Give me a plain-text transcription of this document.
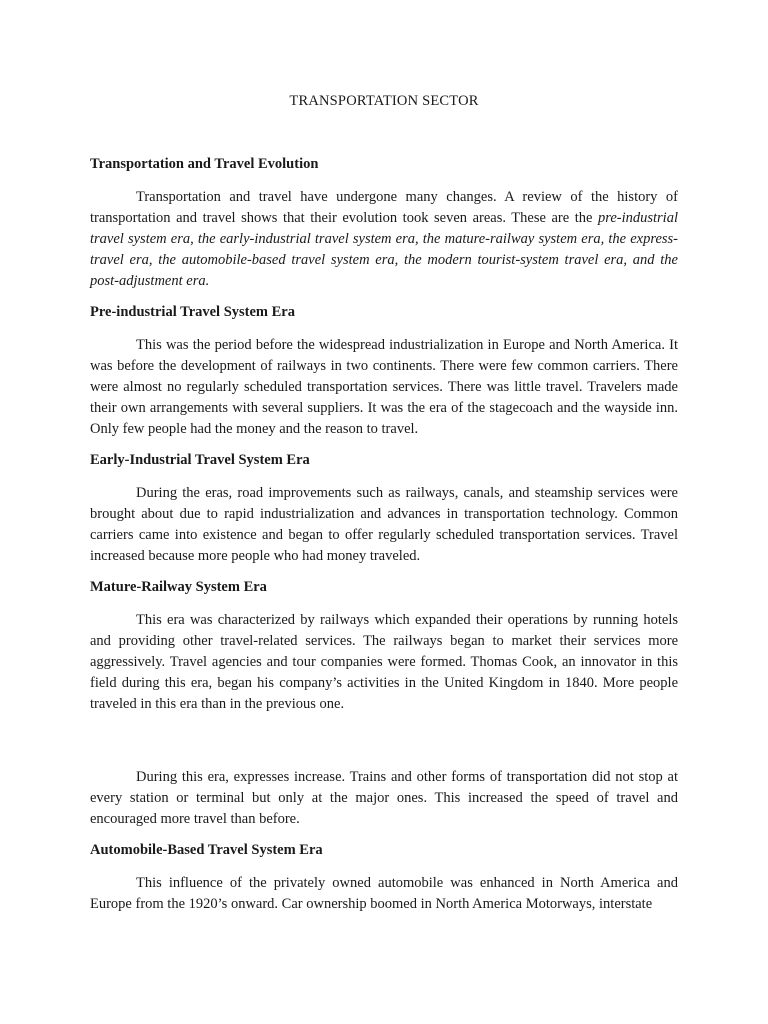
TRANSPORTATION SECTOR
Transportation and Travel Evolution

Transportation and travel have undergone many changes. A review of the history of transportation and travel shows that their evolution took seven areas. These are the pre-industrial travel system era, the early-industrial travel system era, the mature-railway system era, the express-travel era, the automobile-based travel system era, the modern tourist-system travel era, and the post-adjustment era.

Pre-industrial Travel System Era

This was the period before the widespread industrialization in Europe and North America. It was before the development of railways in two continents. There were few common carriers. There were almost no regularly scheduled transportation services. There was little travel. Travelers made their own arrangements with several suppliers. It was the era of the stagecoach and the wayside inn. Only few people had the money and the reason to travel.

Early-Industrial Travel System Era

During the eras, road improvements such as railways, canals, and steamship services were brought about due to rapid industrialization and advances in transportation technology. Common carriers came into existence and began to offer regularly scheduled transportation services. Travel increased because more people who had money traveled.

Mature-Railway System Era

This era was characterized by railways which expanded their operations by running hotels and providing other travel-related services. The railways began to market their services more aggressively. Travel agencies and tour companies were formed. Thomas Cook, an innovator in this field during this era, began his company’s activities in the United Kingdom in 1840. More people traveled in this era than in the previous one.

During this era, expresses increase. Trains and other forms of transportation did not stop at every station or terminal but only at the major ones. This increased the speed of travel and encouraged more travel than before.

Automobile-Based Travel System Era

This influence of the privately owned automobile was enhanced in North America and Europe from the 1920’s onward. Car ownership boomed in North America Motorways, interstate
